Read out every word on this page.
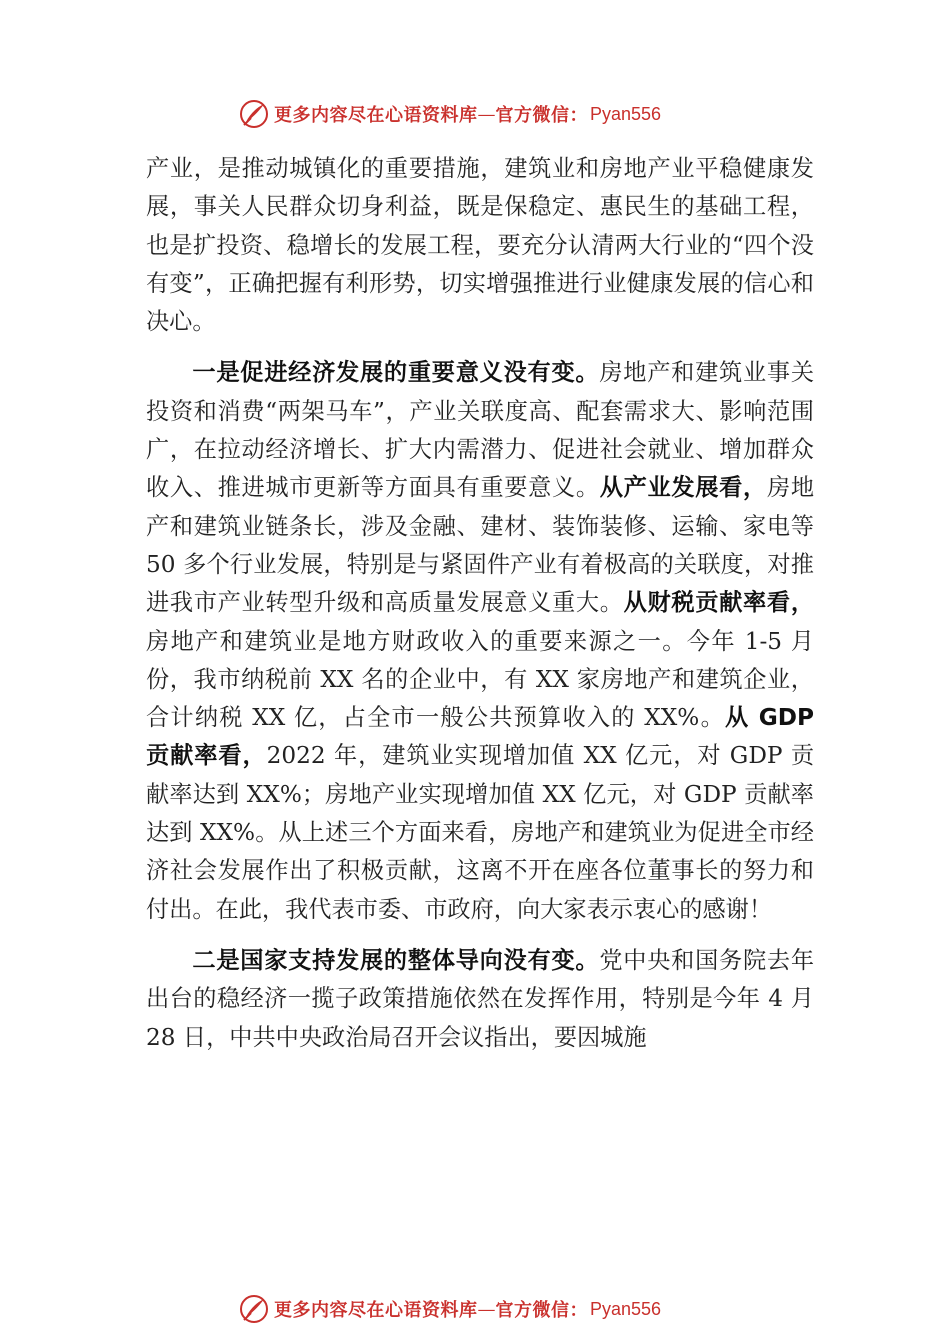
更多内容尽在心语资料库 — 官方微信： Pyan556

产业，是推动城镇化的重要措施，建筑业和房地产业平稳健康发展，事关人民群众切身利益，既是保稳定、惠民生的基础工程，也是扩投资、稳增长的发展工程，要充分认清两大行业的“四个没有变”，正确把握有利形势，切实增强推进行业健康发展的信心和决心。

一是促进经济发展的重要意义没有变。房地产和建筑业事关投资和消费“两架马车”，产业关联度高、配套需求大、影响范围广，在拉动经济增长、扩大内需潜力、促进社会就业、增加群众收入、推进城市更新等方面具有重要意义。从产业发展看，房地产和建筑业链条长，涉及金融、建材、装饰装修、运输、家电等 50 多个行业发展，特别是与紧固件产业有着极高的关联度，对推进我市产业转型升级和高质量发展意义重大。从财税贡献率看，房地产和建筑业是地方财政收入的重要来源之一。今年 1-5 月份，我市纳税前 XX 名的企业中，有 XX 家房地产和建筑企业，合计纳税 XX 亿，占全市一般公共预算收入的 XX%。从 GDP 贡献率看，2022 年，建筑业实现增加值 XX 亿元，对 GDP 贡献率达到 XX%；房地产业实现增加值 XX 亿元，对 GDP 贡献率达到 XX%。从上述三个方面来看，房地产和建筑业为促进全市经济社会发展作出了积极贡献，这离不开在座各位董事长的努力和付出。在此，我代表市委、市政府，向大家表示衷心的感谢！

二是国家支持发展的整体导向没有变。党中央和国务院去年出台的稳经济一揽子政策措施依然在发挥作用，特别是今年 4 月 28 日，中共中央政治局召开会议指出，要因城施

更多内容尽在心语资料库 — 官方微信： Pyan556
